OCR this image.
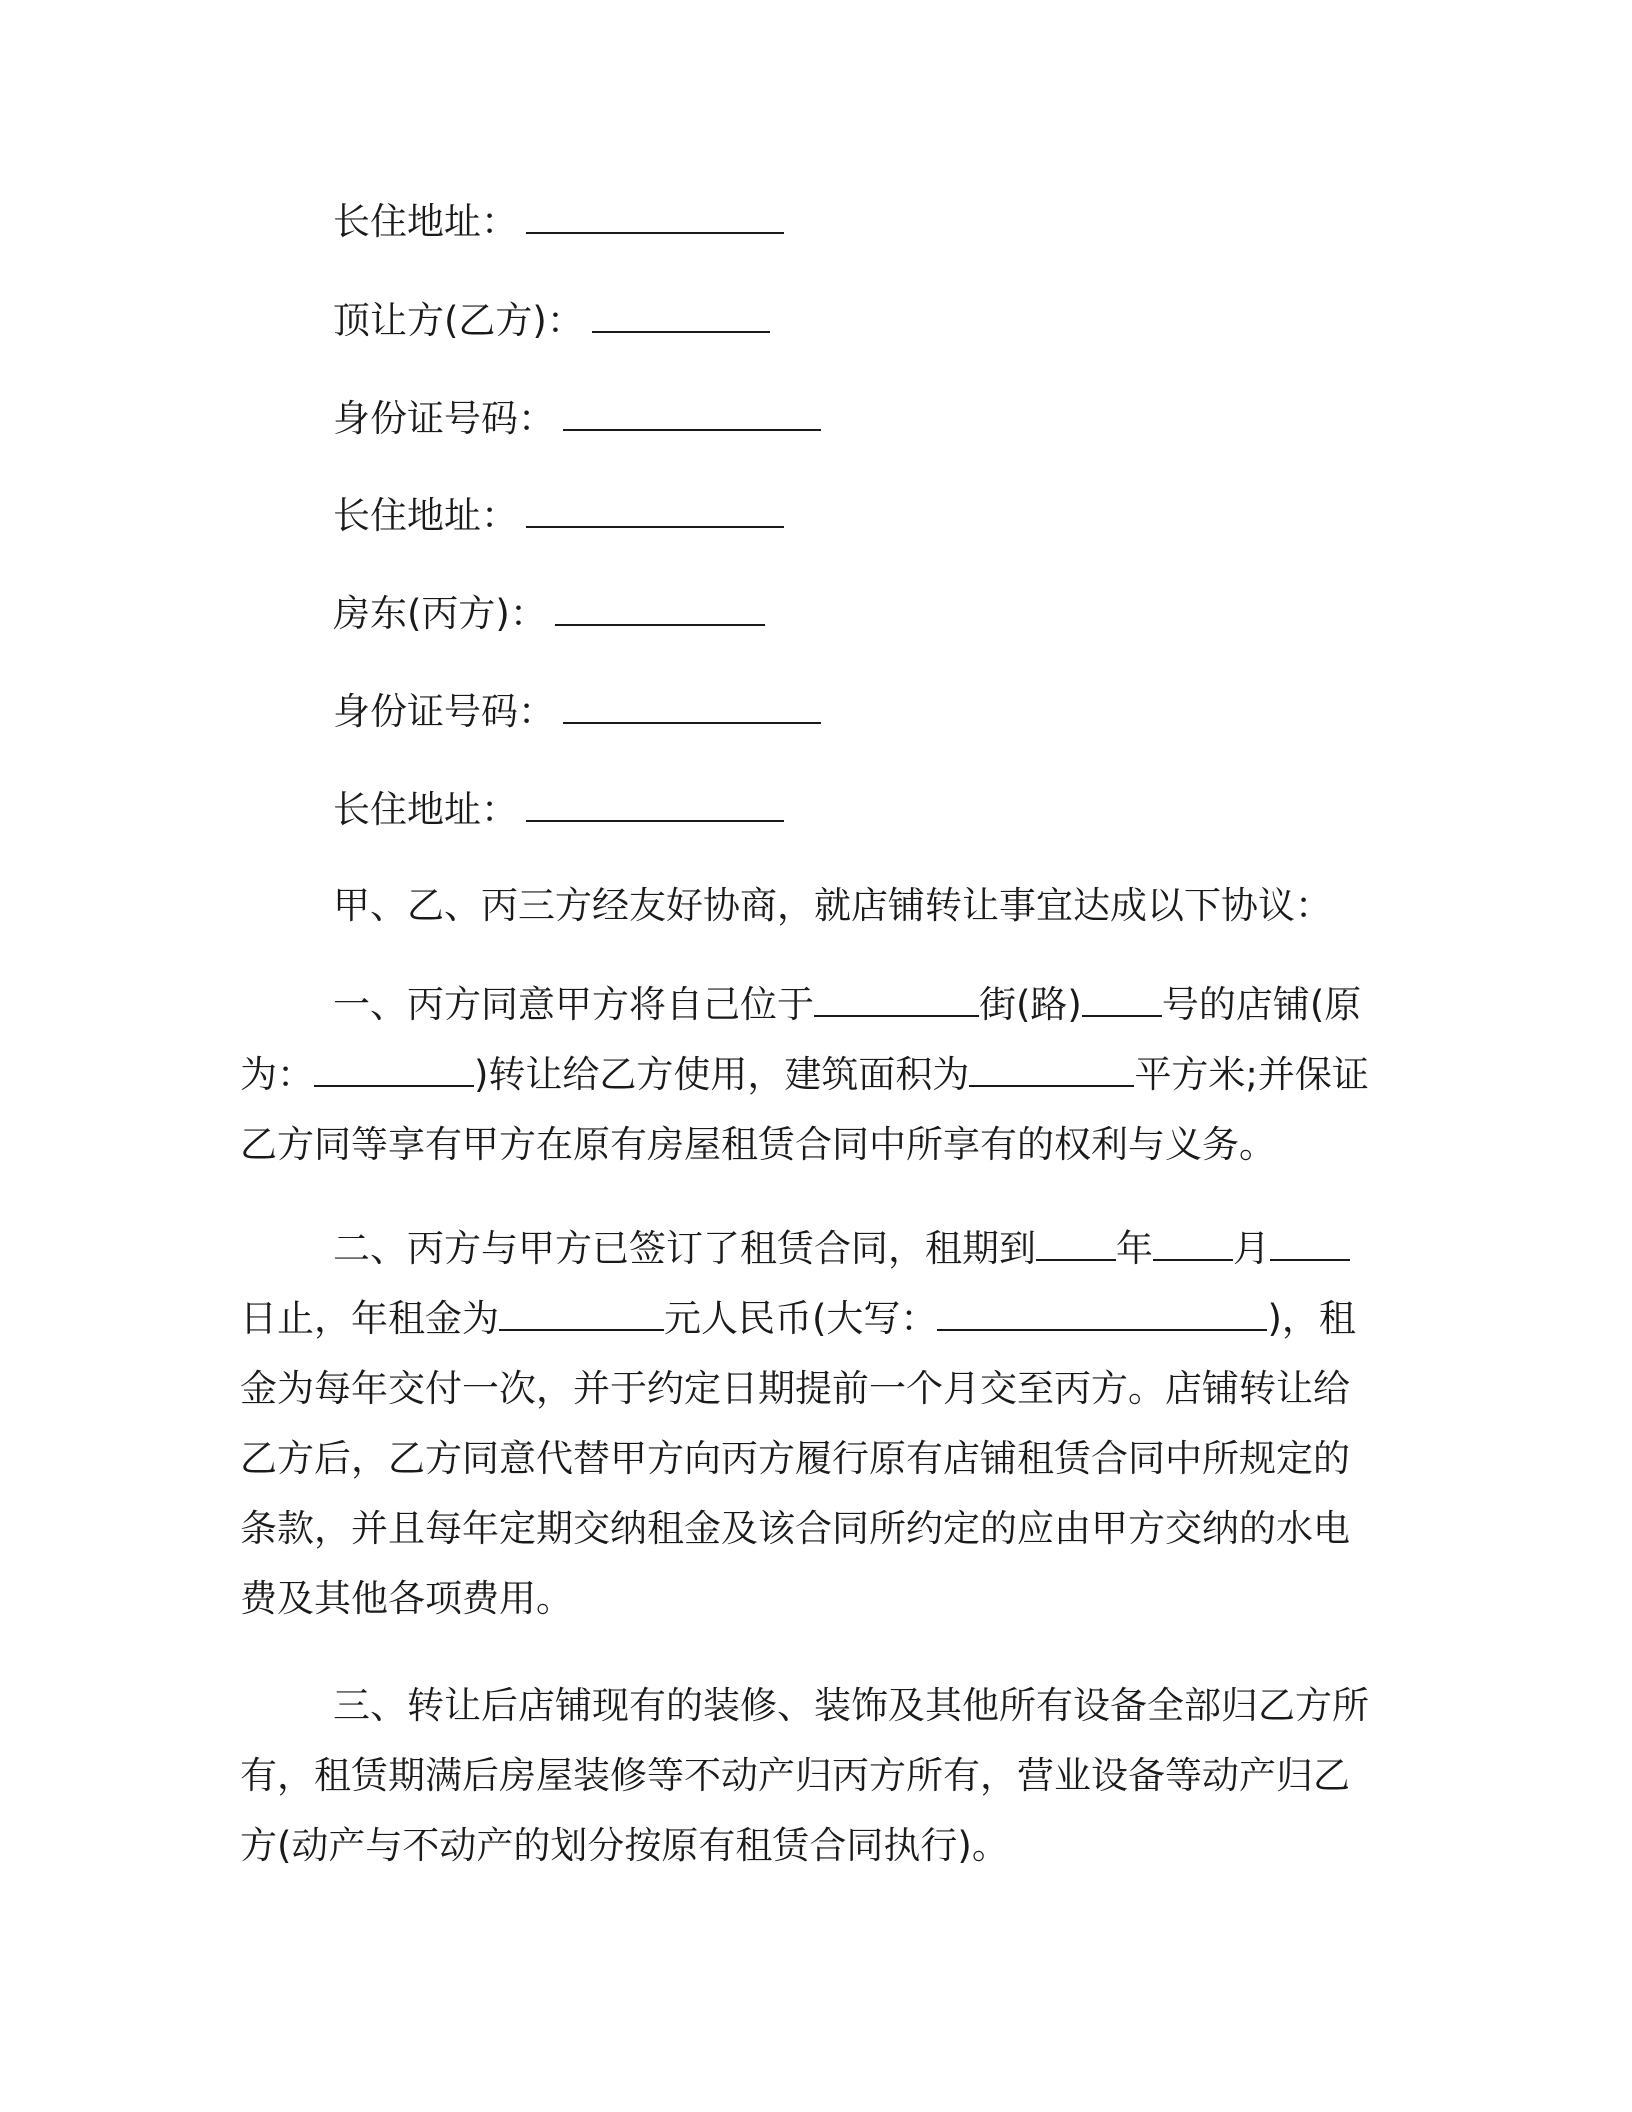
长住地址：
顶让方(乙方)：
身份证号码：
长住地址：
房东(丙方)：
身份证号码：
长住地址：
甲、乙、丙三方经友好协商，就店铺转让事宜达成以下协议：
一、丙方同意甲方将自己位于	街(路) 号的店铺(原
为：	)转让给乙方使用，建筑面积为	平方米;并保证
乙方同等享有甲方在原有房屋租赁合同中所享有的权利与义务。
二、丙方与甲方已签订了租赁合同，租期到 年 月
日止，年租金为	元人民币(大写：	)，租
金为每年交付一次，并于约定日期提前一个月交至丙方。店铺转让给
乙方后，乙方同意代替甲方向丙方履行原有店铺租赁合同中所规定的
条款，并且每年定期交纳租金及该合同所约定的应由甲方交纳的水电
费及其他各项费用。
三、转让后店铺现有的装修、装饰及其他所有设备全部归乙方所
有，租赁期满后房屋装修等不动产归丙方所有，营业设备等动产归乙
方(动产与不动产的划分按原有租赁合同执行)。
